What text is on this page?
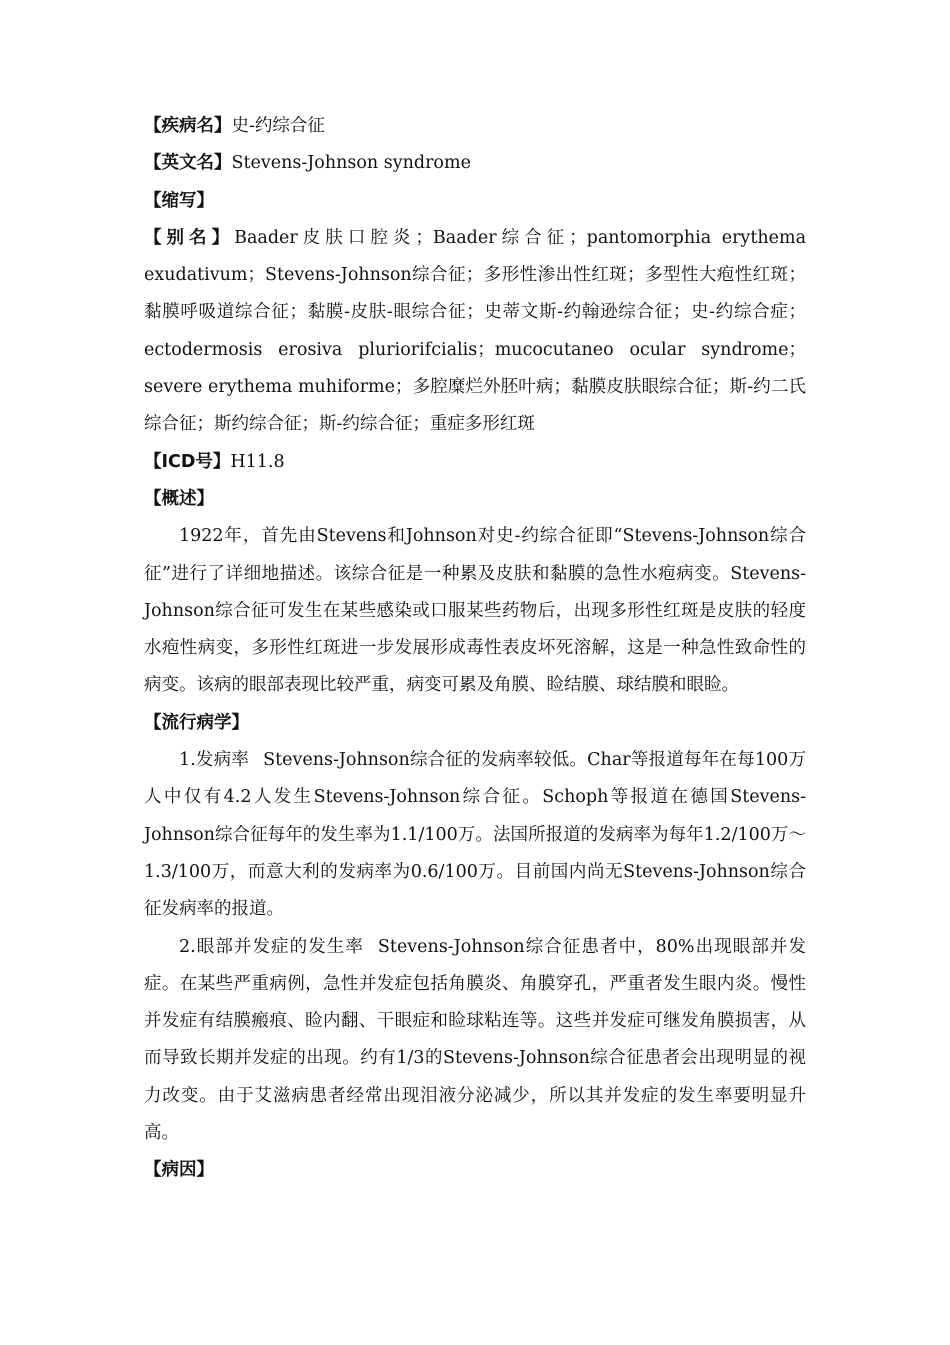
【疾病名】史-约综合征

【英文名】Stevens-Johnson syndrome

【缩写】

【别名】Baader皮肤口腔炎；Baader综合征；pantomorphia erythema exudativum；Stevens-Johnson综合征；多形性渗出性红斑；多型性大疱性红斑；黏膜呼吸道综合征；黏膜-皮肤-眼综合征；史蒂文斯-约翰逊综合征；史-约综合症；ectodermosis erosiva pluriorifcialis；mucocutaneo ocular syndrome；severe erythema muhiforme；多腔糜烂外胚叶病；黏膜皮肤眼综合征；斯-约二氏综合征；斯约综合征；斯-约综合征；重症多形红斑

【ICD号】H11.8

【概述】

1922年，首先由Stevens和Johnson对史-约综合征即“Stevens-Johnson综合征”进行了详细地描述。该综合征是一种累及皮肤和黏膜的急性水疱病变。Stevens-Johnson综合征可发生在某些感染或口服某些药物后，出现多形性红斑是皮肤的轻度水疱性病变，多形性红斑进一步发展形成毒性表皮坏死溶解，这是一种急性致命性的病变。该病的眼部表现比较严重，病变可累及角膜、睑结膜、球结膜和眼睑。

【流行病学】

1.发病率 Stevens-Johnson综合征的发病率较低。Char等报道每年在每100万人中仅有4.2人发生Stevens-Johnson综合征。Schoph等报道在德国Stevens-Johnson综合征每年的发生率为1.1/100万。法国所报道的发病率为每年1.2/100万～1.3/100万，而意大利的发病率为0.6/100万。目前国内尚无Stevens-Johnson综合征发病率的报道。

2.眼部并发症的发生率 Stevens-Johnson综合征患者中，80%出现眼部并发症。在某些严重病例，急性并发症包括角膜炎、角膜穿孔，严重者发生眼内炎。慢性并发症有结膜瘢痕、睑内翻、干眼症和睑球粘连等。这些并发症可继发角膜损害，从而导致长期并发症的出现。约有1/3的Stevens-Johnson综合征患者会出现明显的视力改变。由于艾滋病患者经常出现泪液分泌减少，所以其并发症的发生率要明显升高。

【病因】
